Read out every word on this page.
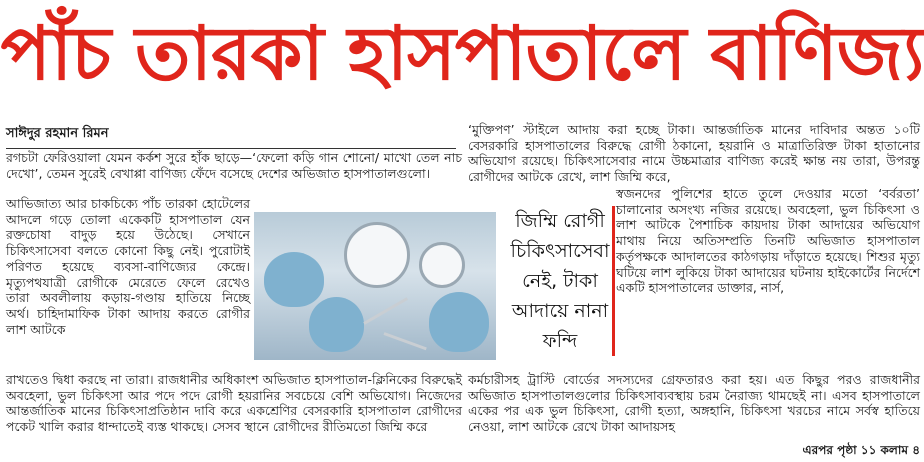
পাঁচ তারকা হাসপাতালে বাণিজ্য
সাঈদুর রহমান রিমন

রগচটা ফেরিওয়ালা যেমন কর্কশ সুরে হাঁক ছাড়ে—‘ফেলো কড়ি গান শোনো/ মাখো তেল নাচ দেখো’, তেমন সুরেই বেখাপ্পা বাণিজ্য ফেঁদে বসেছে দেশের অভিজাত হাসপাতালগুলো।

আভিজাত্য আর চাকচিক্যে পাঁচ তারকা হোটেলের আদলে গড়ে তোলা একেকটি হাসপাতাল যেন রক্তচোষা বাদুড় হয়ে উঠেছে। সেখানে চিকিৎসাসেবা বলতে কোনো কিছু নেই। পুরোটাই পরিণত হয়েছে ব্যবসা-বাণিজ্যের কেন্দ্রে। মৃত্যুপথযাত্রী রোগীকে মেরেতে ফেলে রেখেও তারা অবলীলায় কড়ায়-গণ্ডায় হাতিয়ে নিচ্ছে অর্থ। চাহিদামাফিক টাকা আদায় করতে রোগীর লাশ আটকে

জিম্মি রোগী
চিকিৎসাসেবা
নেই, টাকা
আদায়ে নানা
ফন্দি

রাখতেও দ্বিধা করছে না তারা। রাজধানীর অধিকাংশ অভিজাত হাসপাতাল-ক্লিনিকের বিরুদ্ধেই অবহেলা, ভুল চিকিৎসা আর পদে পদে রোগী হয়রানির সবচেয়ে বেশি অভিযোগ। নিজেদের আন্তর্জাতিক মানের চিকিৎসাপ্রতিষ্ঠান দাবি করে একশ্রেণির বেসরকারি হাসপাতাল রোগীদের পকেট খালি করার ধান্দাতেই ব্যস্ত থাকছে। সেসব স্থানে রোগীদের রীতিমতো জিম্মি করে

‘মুক্তিপণ’ স্টাইলে আদায় করা হচ্ছে টাকা। আন্তর্জাতিক মানের দাবিদার অন্তত ১০টি বেসরকারি হাসপাতালের বিরুদ্ধে রোগী ঠকানো, হয়রানি ও মাত্রাতিরিক্ত টাকা হাতানোর অভিযোগ রয়েছে। চিকিৎসাসেবার নামে উচ্চমাত্রার বাণিজ্য করেই ক্ষান্ত নয় তারা, উপরন্তু রোগীদের আটকে রেখে, লাশ জিম্মি করে,

স্বজনদের পুলিশের হাতে তুলে দেওয়ার মতো ‘বর্বরতা’ চালানোর অসংখ্য নজির রয়েছে। অবহেলা, ভুল চিকিৎসা ও লাশ আটকে পৈশাচিক কায়দায় টাকা আদায়ের অভিযোগ মাথায় নিয়ে অতিসম্প্রতি তিনটি অভিজাত হাসপাতাল কর্তৃপক্ষকে আদালতের কাঠগড়ায় দাঁড়াতে হয়েছে। শিশুর মৃত্যু ঘটিয়ে লাশ লুকিয়ে টাকা আদায়ের ঘটনায় হাইকোর্টের নির্দেশে একটি হাসপাতালের ডাক্তার, নার্স,

কর্মচারীসহ ট্রাস্টি বোর্ডের সদস্যদের গ্রেফতারও করা হয়। এত কিছুর পরও রাজধানীর অভিজাত হাসপাতালগুলোর চিকিৎসাব্যবস্থায় চরম নৈরাজ্য থামছেই না। এসব হাসপাতালে একের পর এক ভুল চিকিৎসা, রোগী হত্যা, অঙ্গহানি, চিকিৎসা খরচের নামে সর্বস্ব হাতিয়ে নেওয়া, লাশ আটকে রেখে টাকা আদায়সহ

এরপর পৃষ্ঠা ১১ কলাম ৪
